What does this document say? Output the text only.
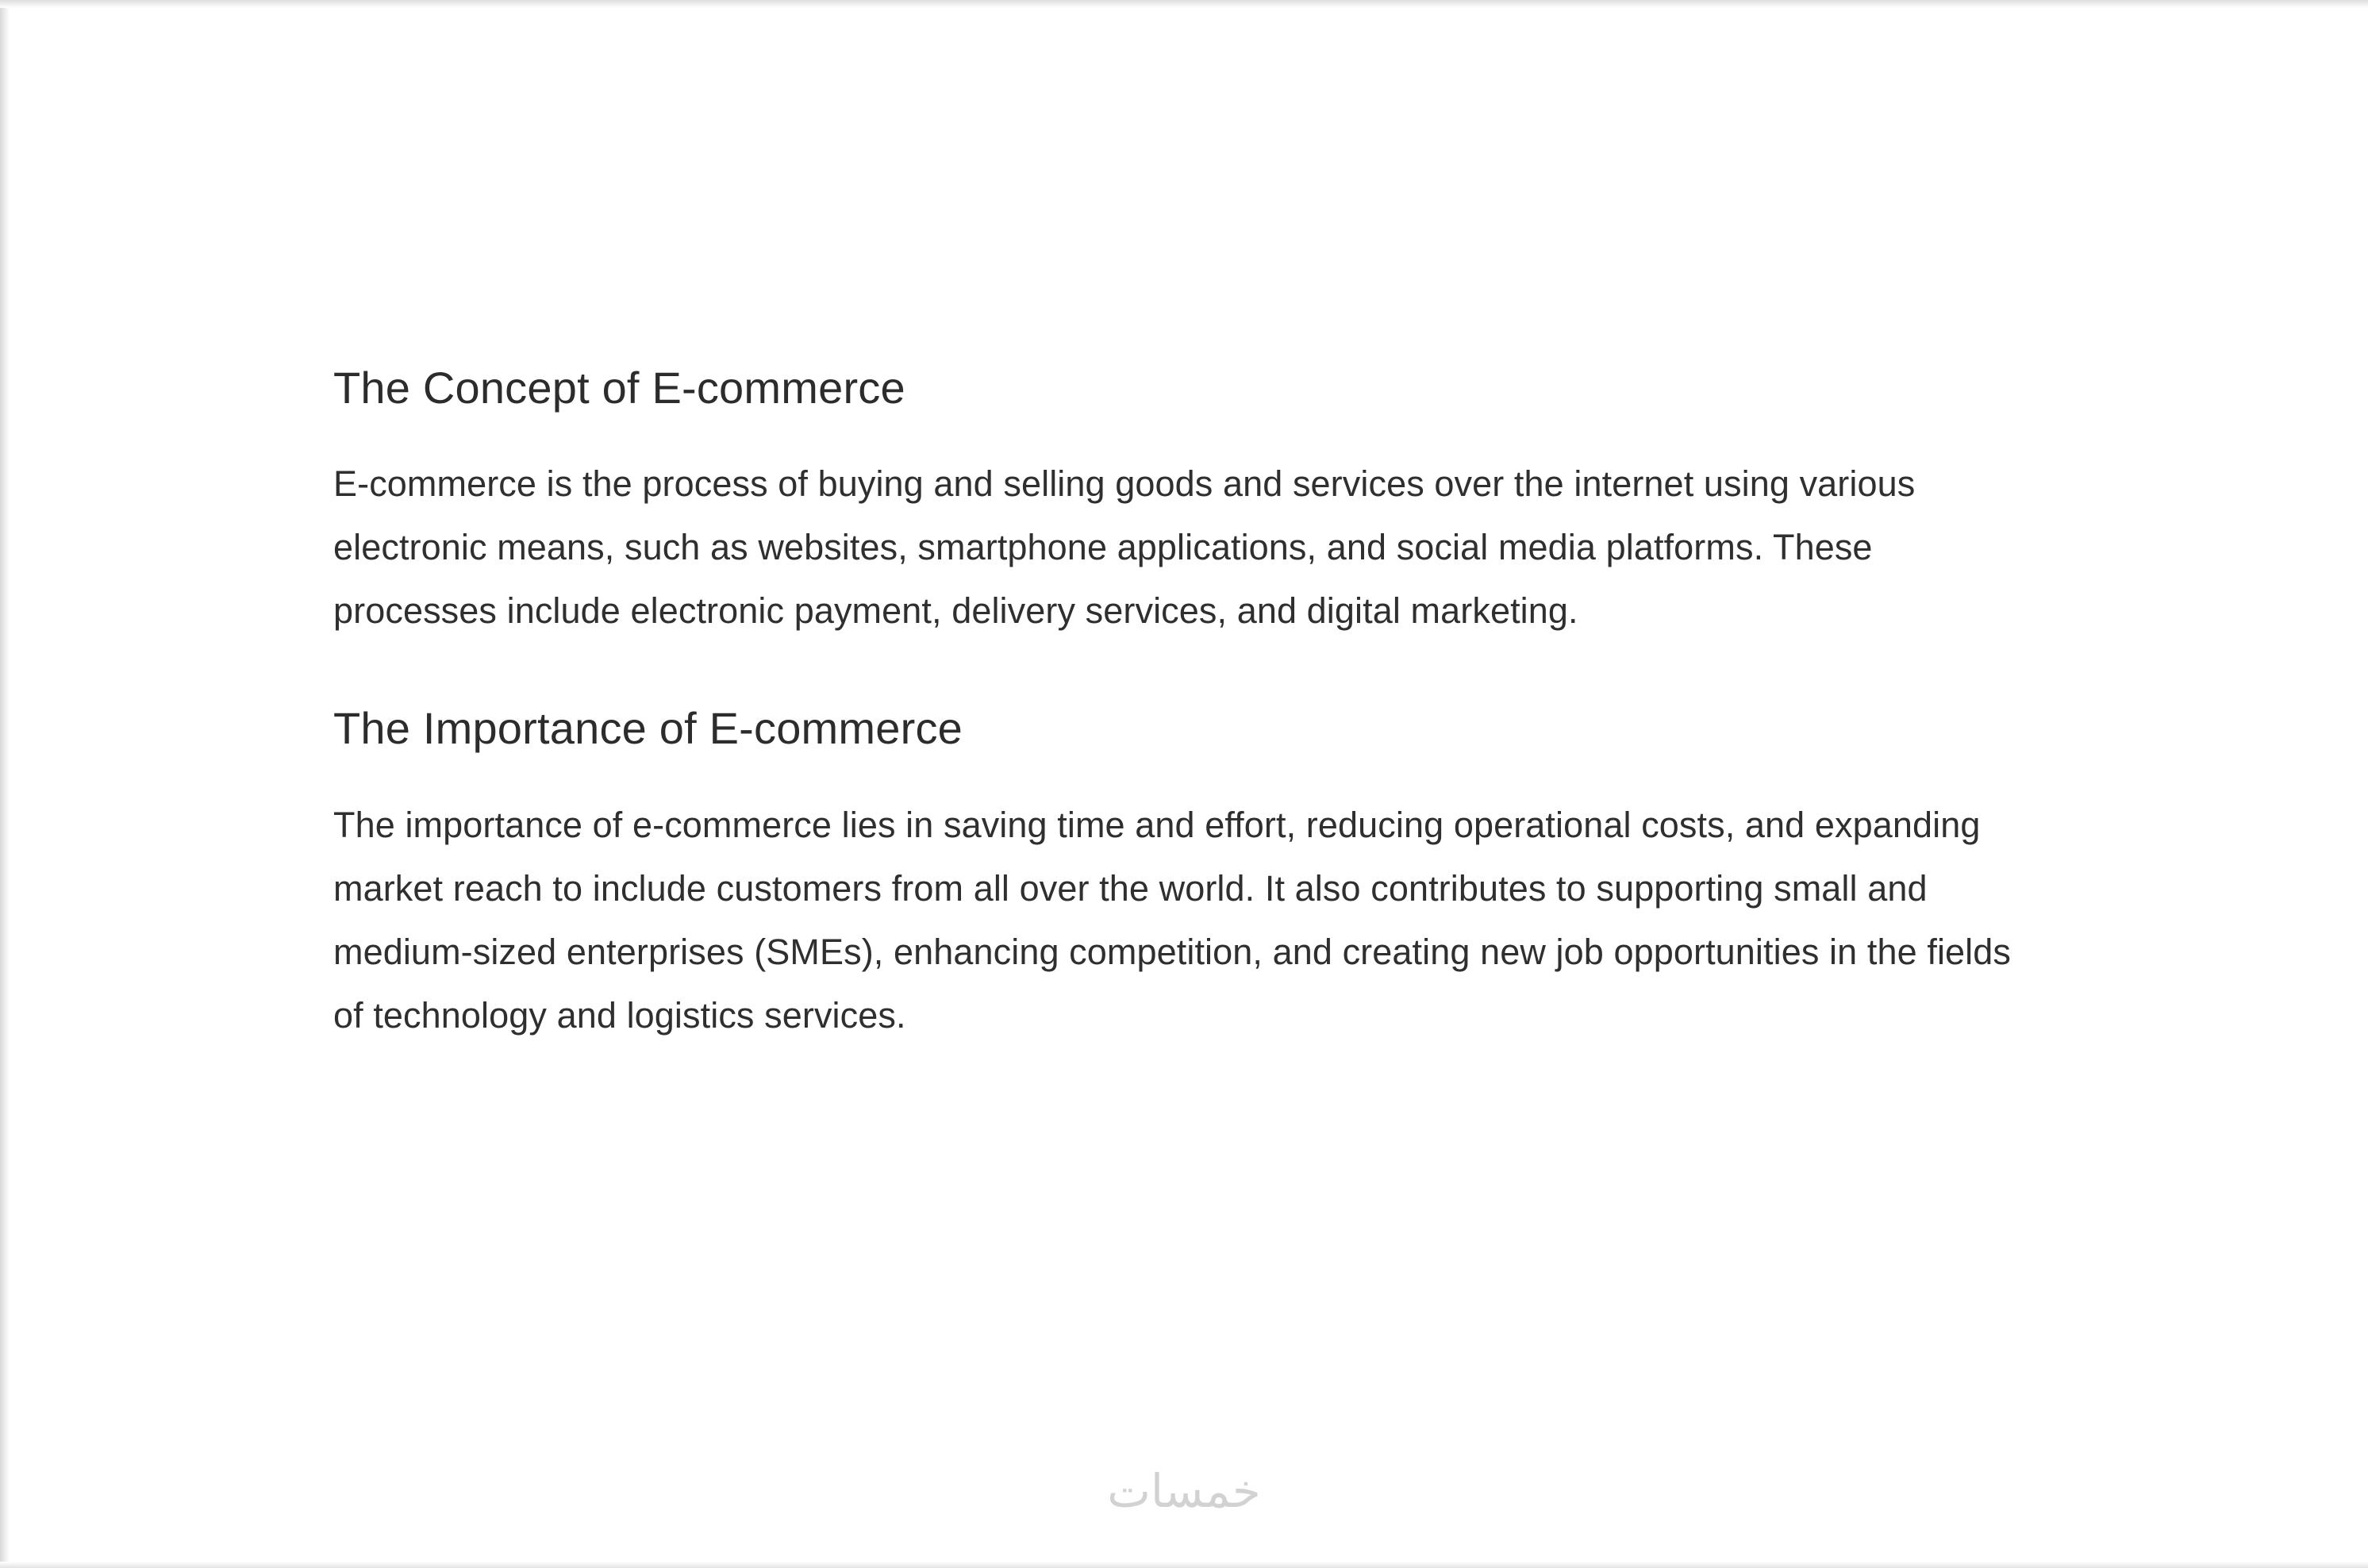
The Concept of E-commerce

E-commerce is the process of buying and selling goods and services over the internet using various electronic means, such as websites, smartphone applications, and social media platforms. These processes include electronic payment, delivery services, and digital marketing.

The Importance of E-commerce

The importance of e-commerce lies in saving time and effort, reducing operational costs, and expanding market reach to include customers from all over the world. It also contributes to supporting small and medium-sized enterprises (SMEs), enhancing competition, and creating new job opportunities in the fields of technology and logistics services.

خمسات
